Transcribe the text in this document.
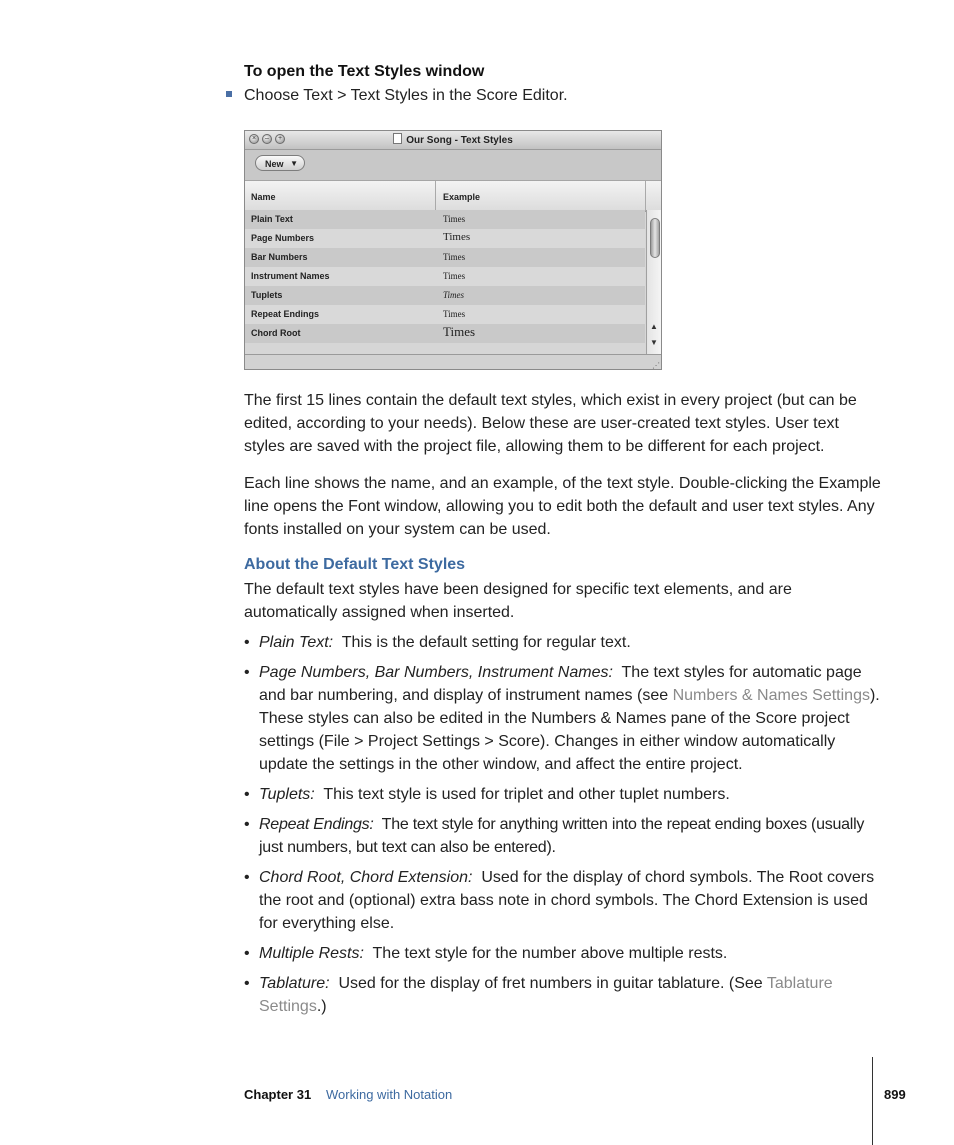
To open the Text Styles window
Choose Text > Text Styles in the Score Editor.
×	–	+	Our Song - Text Styles
New ▼
Name	Example
Plain Text	Times
Page Numbers	Times
Bar Numbers	Times
Instrument Names	Times
Tuplets	Times
Repeat Endings	Times
Chord Root	Times	▲
▼
⋰
The first 15 lines contain the default text styles, which exist in every project (but can be edited, according to your needs). Below these are user-created text styles. User text styles are saved with the project file, allowing them to be different for each project.
Each line shows the name, and an example, of the text style. Double-clicking the Example line opens the Font window, allowing you to edit both the default and user text styles. Any fonts installed on your system can be used.
About the Default Text Styles
The default text styles have been designed for specific text elements, and are automatically assigned when inserted.
• Plain Text: This is the default setting for regular text.
• Page Numbers, Bar Numbers, Instrument Names: The text styles for automatic page and bar numbering, and display of instrument names (see Numbers & Names Settings). These styles can also be edited in the Numbers & Names pane of the Score project settings (File > Project Settings > Score). Changes in either window automatically update the settings in the other window, and affect the entire project.
• Tuplets: This text style is used for triplet and other tuplet numbers.
• Repeat Endings: The text style for anything written into the repeat ending boxes (usually just numbers, but text can also be entered).
• Chord Root, Chord Extension: Used for the display of chord symbols. The Root covers the root and (optional) extra bass note in chord symbols. The Chord Extension is used for everything else.
• Multiple Rests: The text style for the number above multiple rests.
• Tablature: Used for the display of fret numbers in guitar tablature. (See Tablature Settings.)
Chapter 31 Working with Notation	899
